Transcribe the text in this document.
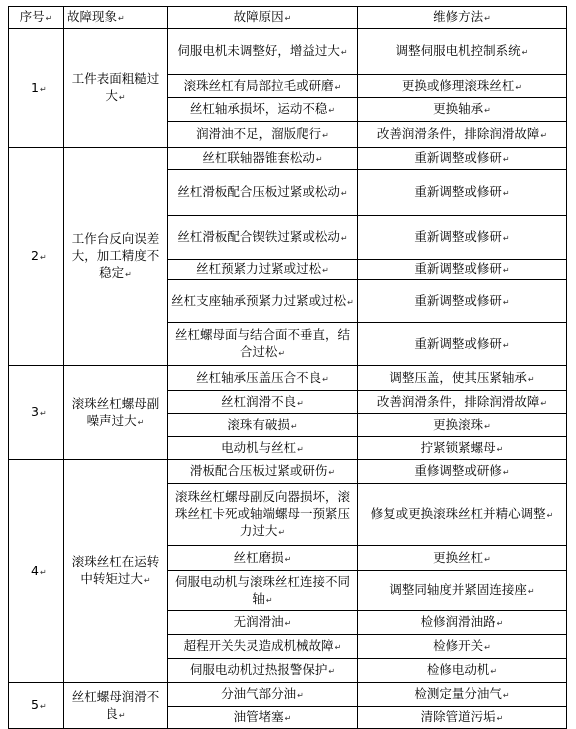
序号↵	故障现象↵	故障原因↵	维修方法↵
1 ↵	工件表面粗糙过大 ↵	伺服电机未调整好，增益过大 ↵	调整伺服电机控制系统 ↵
		滚珠丝杠有局部拉毛或研磨 ↵	更换或修理滚珠丝杠 ↵
		丝杠轴承损坏，运动不稳 ↵	更换轴承 ↵
		润滑油不足，溜版爬行 ↵	改善润滑条件，排除润滑故障 ↵
2 ↵	工作台反向误差大，加工精度不稳定 ↵	丝杠联轴器锥套松动 ↵	重新调整或修研 ↵
		丝杠滑板配合压板过紧或松动 ↵	重新调整或修研 ↵
		丝杠滑板配合锲铁过紧或松动 ↵	重新调整或修研 ↵
		丝杠预紧力过紧或过松 ↵	重新调整或修研 ↵
		丝杠支座轴承预紧力过紧或过松 ↵	重新调整或修研 ↵
		丝杠螺母面与结合面不垂直，结合过松 ↵	重新调整或修研 ↵
3 ↵	滚珠丝杠螺母副噪声过大 ↵	丝杠轴承压盖压合不良 ↵	调整压盖，使其压紧轴承 ↵
		丝杠润滑不良 ↵	改善润滑条件，排除润滑故障 ↵
		滚珠有破损 ↵	更换滚珠 ↵
		电动机与丝杠 ↵	拧紧锁紧螺母 ↵
4 ↵	滚珠丝杠在运转中转矩过大 ↵	滑板配合压板过紧或研伤 ↵	重修调整或研修 ↵
		滚珠丝杠螺母副反向器损坏，滚珠丝杠卡死或轴端螺母一预紧压力过大 ↵	修复或更换滚珠丝杠并精心调整 ↵
		丝杠磨损 ↵	更换丝杠 ↵
		伺服电动机与滚珠丝杠连接不同轴 ↵	调整同轴度并紧固连接座 ↵
		无润滑油 ↵	检修润滑油路 ↵
		超程开关失灵造成机械故障 ↵	检修开关 ↵
		伺服电动机过热报警保护 ↵	检修电动机 ↵
5 ↵	丝杠螺母润滑不良 ↵	分油气部分油 ↵	检测定量分油气 ↵
		油管堵塞 ↵	清除管道污垢 ↵
